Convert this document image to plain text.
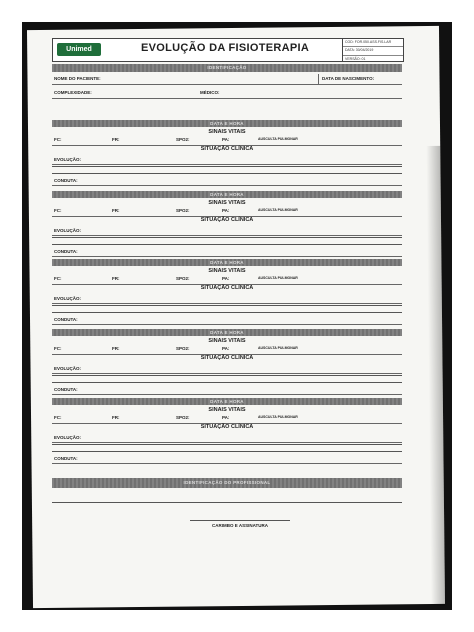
Unimed	EVOLUÇÃO DA FISIOTERAPIA	COD: FOR.050.ASS.FIS.LAR
DATA: 30/04/2019
VERSÃO: 01
IDENTIFICAÇÃO
NOME DO PACIENTE:	DATA DE NASCIMENTO:
COMPLEXIDADE:	MÉDICO:
DATA E HORA
SINAIS VITAIS
FC:	FR:	SPO2:	PA:	AUSCULTA PULMONAR
SITUAÇÃO CLÍNICA
EVOLUÇÃO:
CONDUTA:
DATA E HORA
SINAIS VITAIS
FC:	FR:	SPO2:	PA:	AUSCULTA PULMONAR
SITUAÇÃO CLÍNICA
EVOLUÇÃO:
CONDUTA:
DATA E HORA
SINAIS VITAIS
FC:	FR:	SPO2:	PA:	AUSCULTA PULMONAR
SITUAÇÃO CLÍNICA
EVOLUÇÃO:
CONDUTA:
DATA E HORA
SINAIS VITAIS
FC:	FR:	SPO2:	PA:	AUSCULTA PULMONAR
SITUAÇÃO CLÍNICA
EVOLUÇÃO:
CONDUTA:
DATA E HORA
SINAIS VITAIS
FC:	FR:	SPO2:	PA:	AUSCULTA PULMONAR
SITUAÇÃO CLÍNICA
EVOLUÇÃO:
CONDUTA:
IDENTIFICAÇÃO DO PROFISSIONAL
CARIMBO E ASSINATURA
